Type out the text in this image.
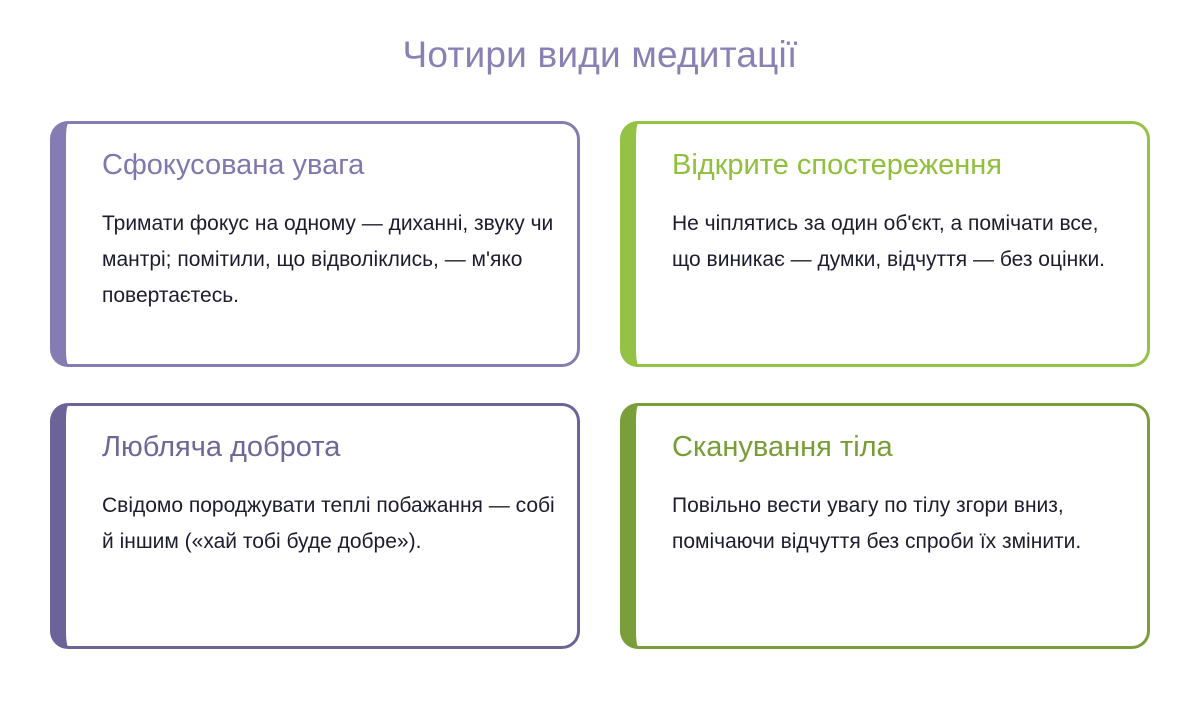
Чотири види медитації
Сфокусована увага
Тримати фокус на одному — диханні, звуку чи мантрі; помітили, що відволіклись, — м'яко повертаєтесь.
Відкрите спостереження
Не чіплятись за один об'єкт, а помічати все, що виникає — думки, відчуття — без оцінки.
Любляча доброта
Свідомо породжувати теплі побажання — собі й іншим («хай тобі буде добре»).
Сканування тіла
Повільно вести увагу по тілу згори вниз, помічаючи відчуття без спроби їх змінити.
